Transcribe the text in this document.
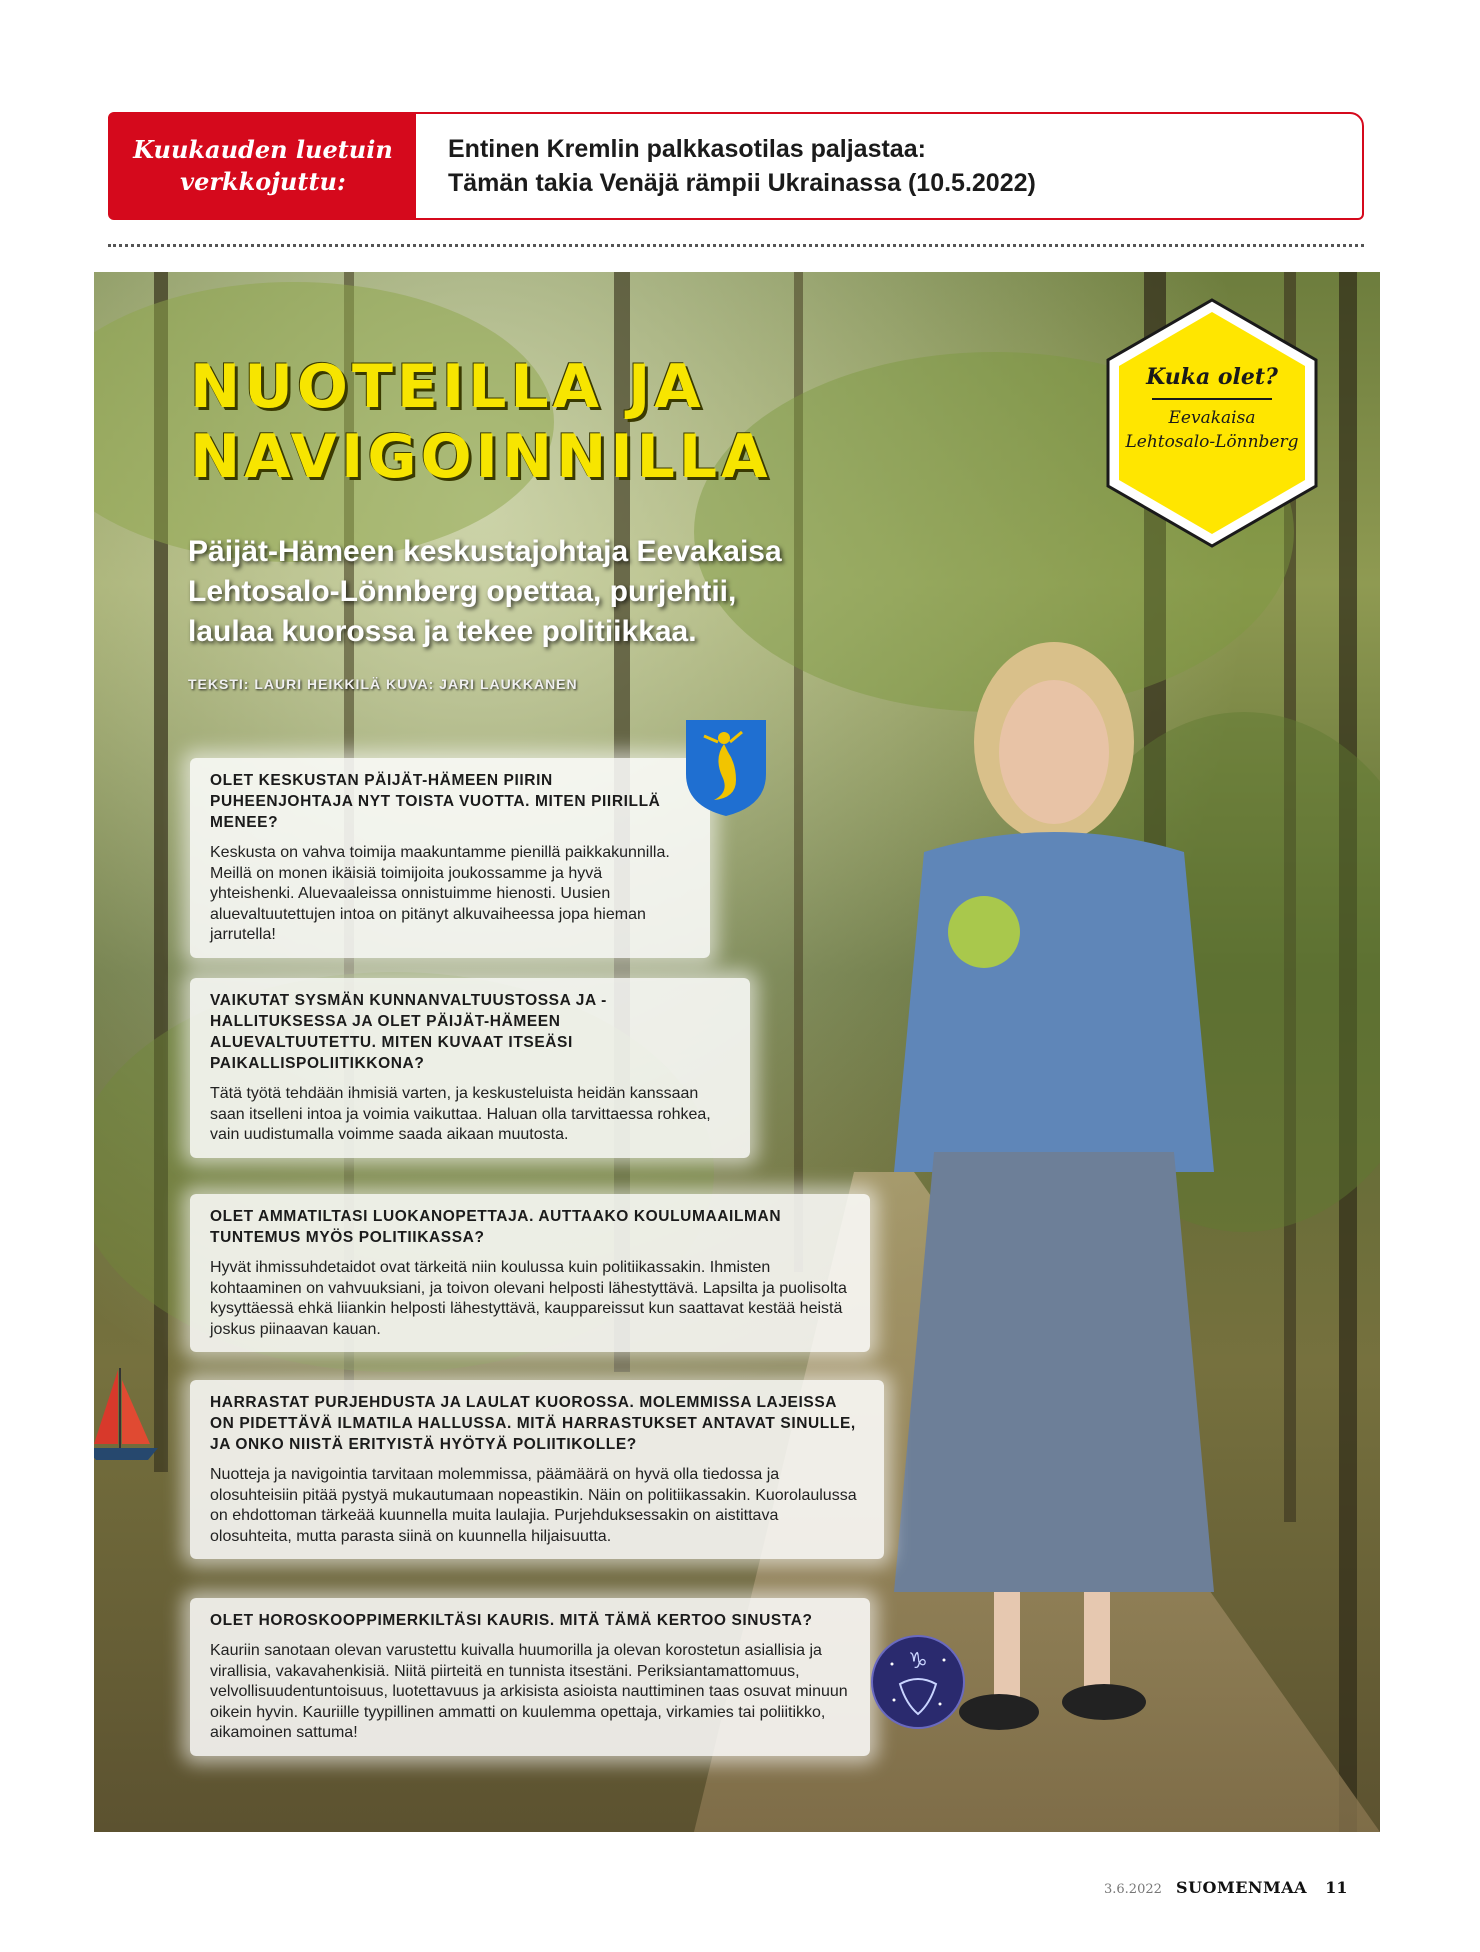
Kuukauden luetuin
verkkojuttu:
Entinen Kremlin palkkasotilas paljastaa:
Tämän takia Venäjä rämpii Ukrainassa (10.5.2022)
NUOTEILLA JA
NAVIGOINNILLA

Päijät-Hämeen keskustajohtaja Eevakaisa Lehtosalo-Lönnberg opettaa, purjehtii, laulaa kuorossa ja tekee politiikkaa.

TEKSTI: LAURI HEIKKILÄ KUVA: JARI LAUKKANEN
Kuka olet?
Eevakaisa
Lehtosalo-Lönnberg
OLET KESKUSTAN PÄIJÄT-HÄMEEN PIIRIN PUHEENJOHTAJA NYT TOISTA VUOTTA. MITEN PIIRILLÄ MENEE?
Keskusta on vahva toimija maakuntamme pienillä paikkakunnilla. Meillä on monen ikäisiä toimijoita joukossamme ja hyvä yhteishenki. Aluevaaleissa onnistuimme hienosti. Uusien aluevaltuutettujen intoa on pitänyt alkuvaiheessa jopa hieman jarrutella!
VAIKUTAT SYSMÄN KUNNANVALTUUSTOSSA JA -HALLITUKSESSA JA OLET PÄIJÄT-HÄMEEN ALUEVALTUUTETTU. MITEN KUVAAT ITSEÄSI PAIKALLISPOLIITIKKONA?
Tätä työtä tehdään ihmisiä varten, ja keskusteluista heidän kanssaan saan itselleni intoa ja voimia vaikuttaa. Haluan olla tarvittaessa rohkea, vain uudistumalla voimme saada aikaan muutosta.
OLET AMMATILTASI LUOKANOPETTAJA. AUTTAAKO KOULUMAAILMAN TUNTEMUS MYÖS POLITIIKASSA?
Hyvät ihmissuhdetaidot ovat tärkeitä niin koulussa kuin politiikassakin. Ihmisten kohtaaminen on vahvuuksiani, ja toivon olevani helposti lähestyttävä. Lapsilta ja puolisolta kysyttäessä ehkä liiankin helposti lähestyttävä, kauppareissut kun saattavat kestää heistä joskus piinaavan kauan.
HARRASTAT PURJEHDUSTA JA LAULAT KUOROSSA. MOLEMMISSA LAJEISSA ON PIDETTÄVÄ ILMATILA HALLUSSA. MITÄ HARRASTUKSET ANTAVAT SINULLE, JA ONKO NIISTÄ ERITYISTÄ HYÖTYÄ POLIITIKOLLE?
Nuotteja ja navigointia tarvitaan molemmissa, päämäärä on hyvä olla tiedossa ja olosuhteisiin pitää pystyä mukautumaan nopeastikin. Näin on politiikassakin. Kuorolaulussa on ehdottoman tärkeää kuunnella muita laulajia. Purjehduksessakin on aistittava olosuhteita, mutta parasta siinä on kuunnella hiljaisuutta.
OLET HOROSKOOPPIMERKILTÄSI KAURIS. MITÄ TÄMÄ KERTOO SINUSTA?
Kauriin sanotaan olevan varustettu kuivalla huumorilla ja olevan korostetun asiallisia ja virallisia, vakavahenkisiä. Niitä piirteitä en tunnista itsestäni. Periksiantamattomuus, velvollisuudentuntoisuus, luotettavuus ja arkisista asioista nauttiminen taas osuvat minuun oikein hyvin. Kauriille tyypillinen ammatti on kuulemma opettaja, virkamies tai poliitikko, aikamoinen sattuma!
♑
3.6.2022 SUOMENMAA 11
